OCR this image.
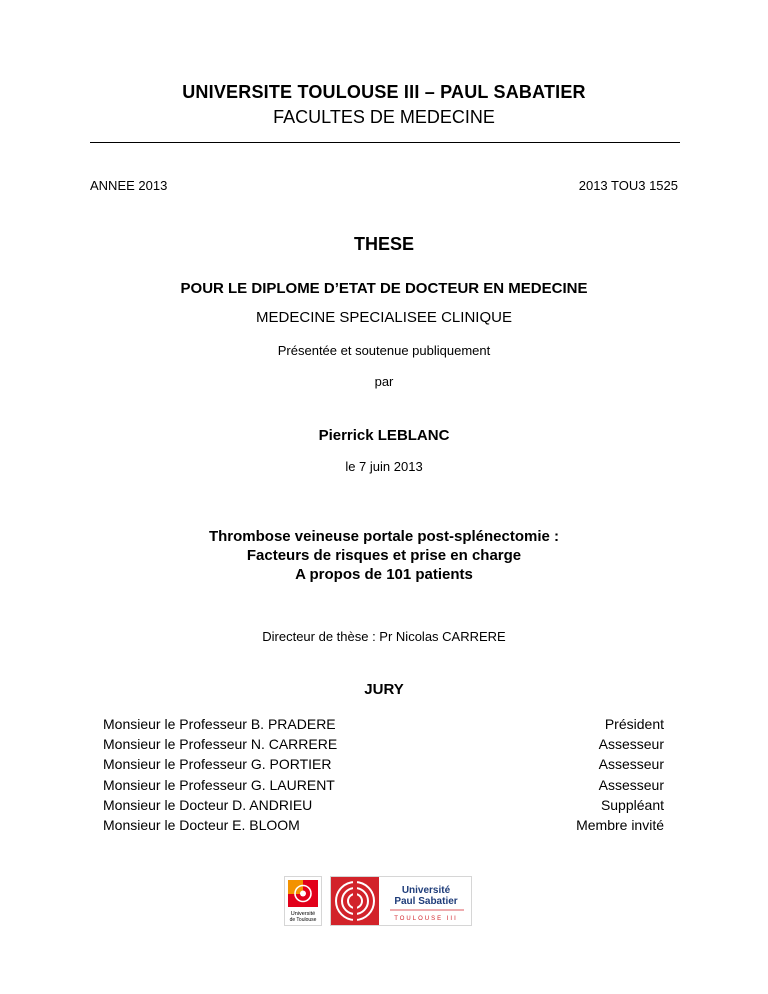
UNIVERSITE TOULOUSE III – PAUL SABATIER
FACULTES DE MEDECINE
ANNEE 2013	2013 TOU3 1525
THESE
POUR LE DIPLOME D’ETAT DE DOCTEUR EN MEDECINE
MEDECINE SPECIALISEE CLINIQUE
Présentée et soutenue publiquement
par
Pierrick LEBLANC
le 7 juin 2013
Thrombose veineuse portale post-splénectomie :
Facteurs de risques et prise en charge
A propos de 101 patients
Directeur de thèse : Pr Nicolas CARRERE
JURY
Monsieur le Professeur B. PRADERE	Président
Monsieur le Professeur N. CARRERE	Assesseur
Monsieur le Professeur G. PORTIER	Assesseur
Monsieur le Professeur G. LAURENT	Assesseur
Monsieur le Docteur D. ANDRIEU	Suppléant
Monsieur le Docteur E. BLOOM	Membre invité
Université
de Toulouse
Université
Paul Sabatier
TOULOUSE III
